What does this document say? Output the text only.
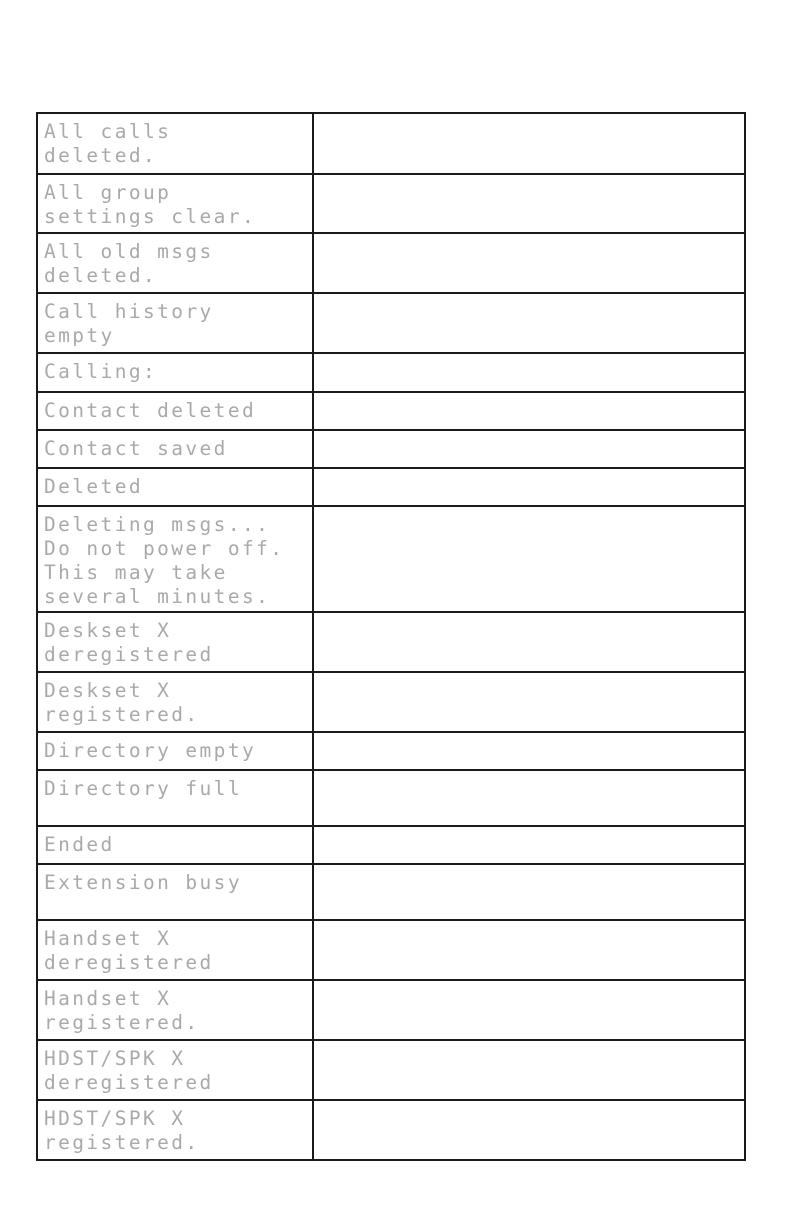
All calls
deleted.	

All group
settings clear.	

All old msgs
deleted.	

Call history
empty	

Calling:	

Contact deleted	

Contact saved	

Deleted	

Deleting msgs...
Do not power off.
This may take
several minutes.	

Deskset X
deregistered	

Deskset X
registered.	

Directory empty	

Directory full	

Ended	

Extension busy	

Handset X
deregistered	

Handset X
registered.	

HDST/SPK X
deregistered	

HDST/SPK X
registered.	
